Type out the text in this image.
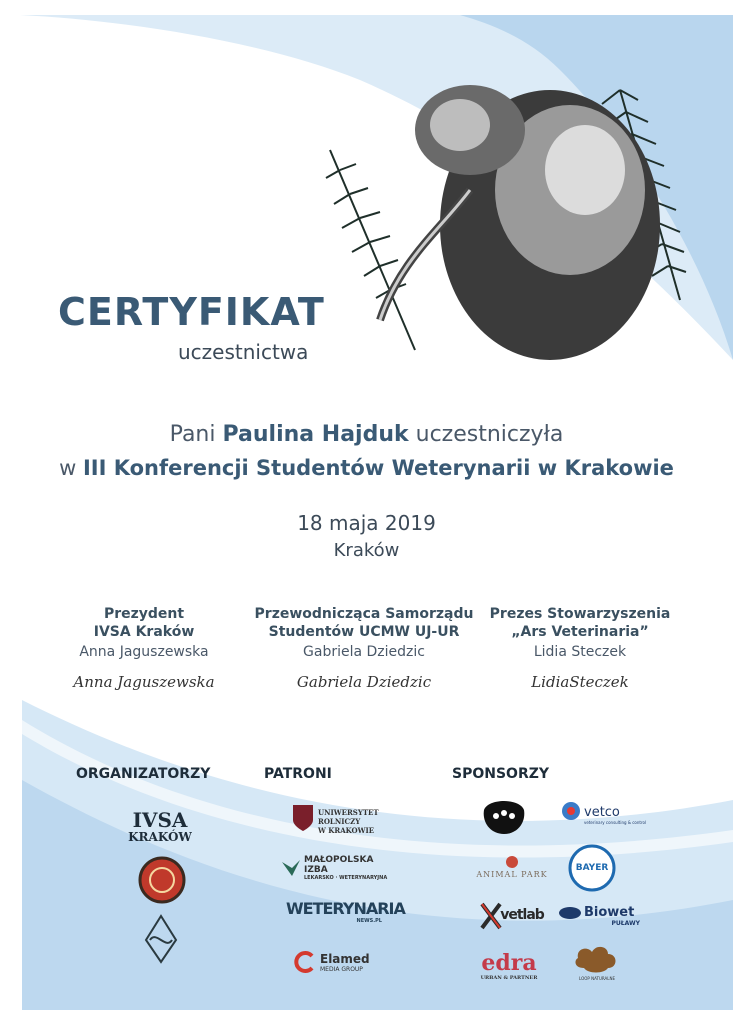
CERTYFIKAT
uczestnictwa
Pani Paulina Hajduk uczestniczyła
w III Konferencji Studentów Weterynarii w Krakowie
18 maja 2019
Kraków
Prezydent
IVSA Kraków
Anna Jaguszewska
Anna Jaguszewska
Przewodnicząca Samorządu
Studentów UCMW UJ-UR
Gabriela Dziedzic
Gabriela Dziedzic
Prezes Stowarzyszenia
„Ars Veterinaria”
Lidia Steczek
LidiaSteczek
ORGANIZATORZY	PATRONI	SPONSORZY
IVSA
KRAKÓW
UNIWERSYTET
ROLNICZY
W KRAKOWIE
MAŁOPOLSKA IZBA
LEKARSKO · WETERYNARYJNA
WETERYNARIA
NEWS.PL
Elamed
MEDIA GROUP
vetco
veterinary consulting & control
ANIMAL PARK
BAYER
vetlab	Biowet
PUŁAWY
edra
URBAN & PARTNER	LOOP NATURALNE
